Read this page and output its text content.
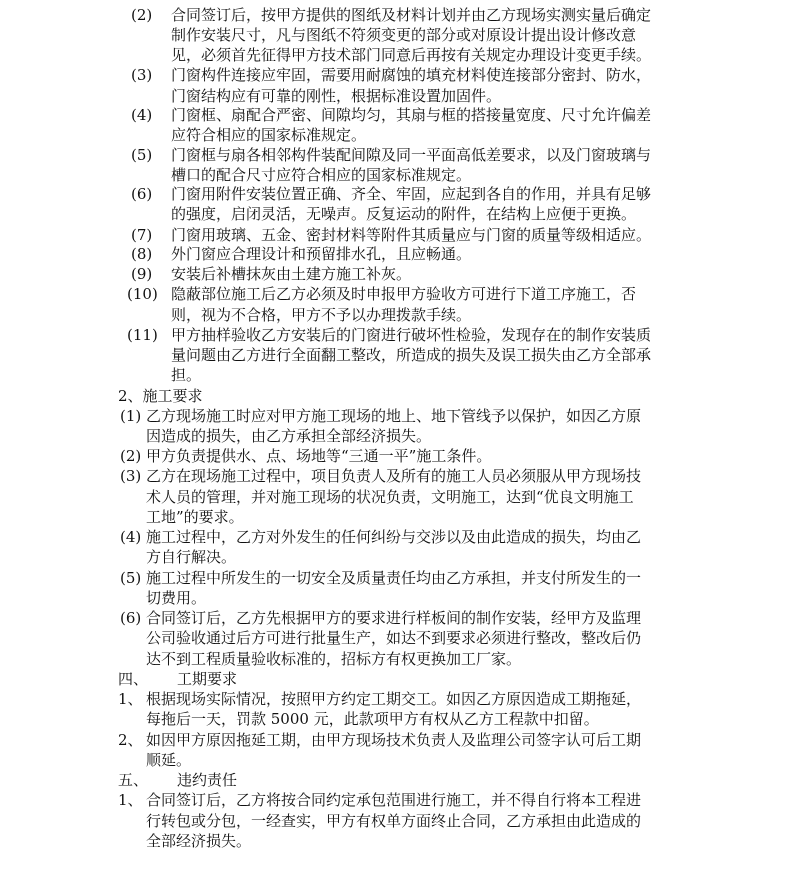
(2) 合同签订后，按甲方提供的图纸及材料计划并由乙方现场实测实量后确定
制作安装尺寸，凡与图纸不符须变更的部分或对原设计提出设计修改意
见，必须首先征得甲方技术部门同意后再按有关规定办理设计变更手续。
(3) 门窗构件连接应牢固，需要用耐腐蚀的填充材料使连接部分密封、防水，
门窗结构应有可靠的刚性，根据标准设置加固件。
(4) 门窗框、扇配合严密、间隙均匀，其扇与框的搭接量宽度、尺寸允许偏差
应符合相应的国家标准规定。
(5) 门窗框与扇各相邻构件装配间隙及同一平面高低差要求，以及门窗玻璃与
槽口的配合尺寸应符合相应的国家标准规定。
(6) 门窗用附件安装位置正确、齐全、牢固，应起到各自的作用，并具有足够
的强度，启闭灵活，无噪声。反复运动的附件，在结构上应便于更换。
(7) 门窗用玻璃、五金、密封材料等附件其质量应与门窗的质量等级相适应。
(8) 外门窗应合理设计和预留排水孔，且应畅通。
(9) 安装后补槽抹灰由土建方施工补灰。
(10) 隐蔽部位施工后乙方必须及时申报甲方验收方可进行下道工序施工，否
则，视为不合格，甲方不予以办理拨款手续。
(11) 甲方抽样验收乙方安装后的门窗进行破坏性检验，发现存在的制作安装质
量问题由乙方进行全面翻工整改，所造成的损失及误工损失由乙方全部承
担。
2、施工要求
(1) 乙方现场施工时应对甲方施工现场的地上、地下管线予以保护，如因乙方原
因造成的损失，由乙方承担全部经济损失。
(2) 甲方负责提供水、点、场地等“三通一平”施工条件。
(3) 乙方在现场施工过程中，项目负责人及所有的施工人员必须服从甲方现场技
术人员的管理，并对施工现场的状况负责，文明施工，达到“优良文明施工
工地”的要求。
(4) 施工过程中，乙方对外发生的任何纠纷与交涉以及由此造成的损失，均由乙
方自行解决。
(5) 施工过程中所发生的一切安全及质量责任均由乙方承担，并支付所发生的一
切费用。
(6) 合同签订后，乙方先根据甲方的要求进行样板间的制作安装，经甲方及监理
公司验收通过后方可进行批量生产，如达不到要求必须进行整改，整改后仍
达不到工程质量验收标准的，招标方有权更换加工厂家。
四、 工期要求
1、 根据现场实际情况，按照甲方约定工期交工。如因乙方原因造成工期拖延，
每拖后一天，罚款 5000 元，此款项甲方有权从乙方工程款中扣留。
2、 如因甲方原因拖延工期，由甲方现场技术负责人及监理公司签字认可后工期
顺延。
五、 违约责任
1、 合同签订后，乙方将按合同约定承包范围进行施工，并不得自行将本工程进
行转包或分包，一经查实，甲方有权单方面终止合同，乙方承担由此造成的
全部经济损失。
